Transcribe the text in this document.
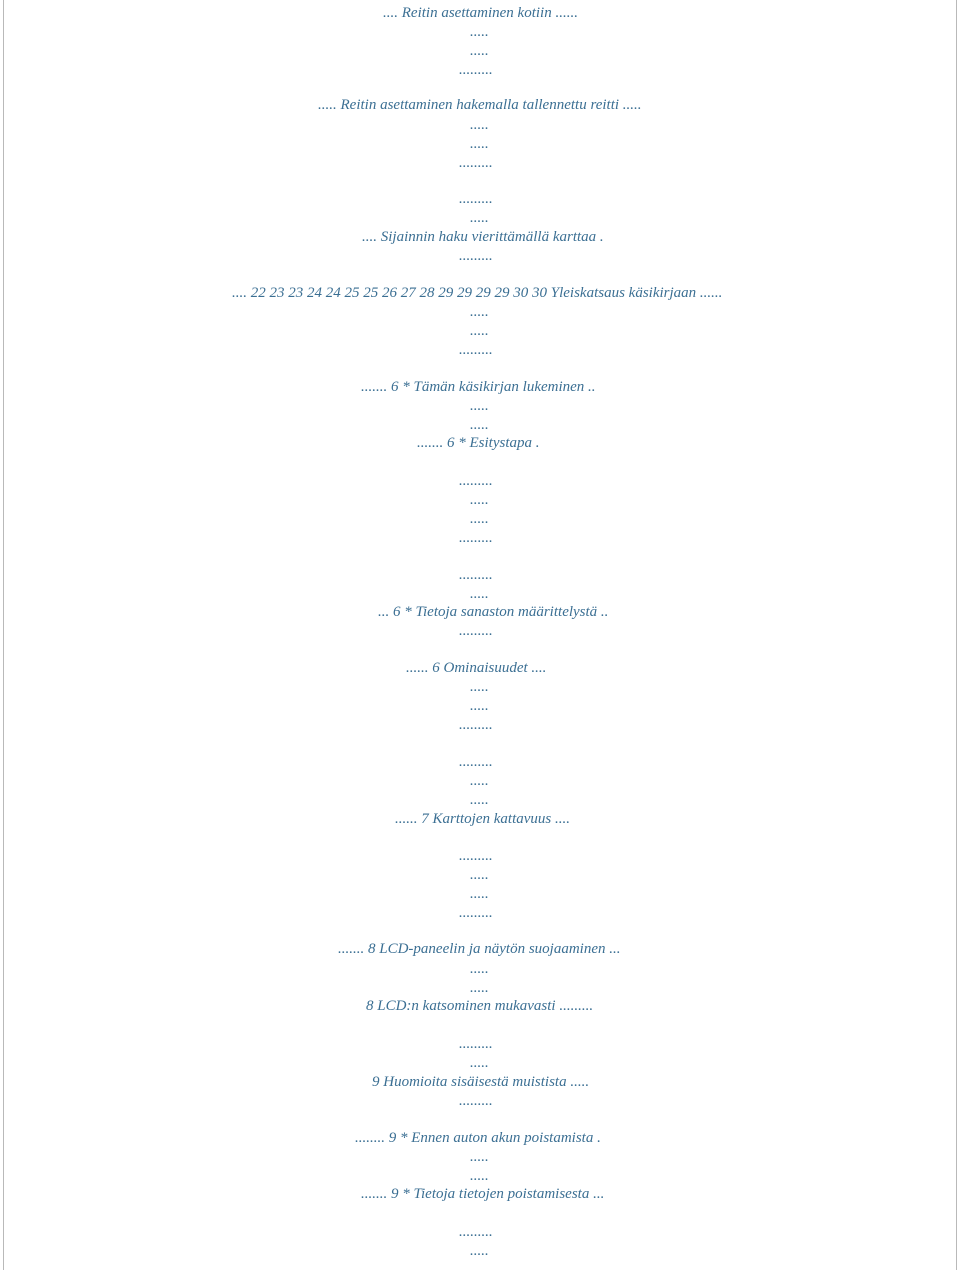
.... Reitin asettaminen kotiin ......
.....
.....
.........
..... Reitin asettaminen hakemalla tallennettu reitti .....
.....
.....
.........
.........
.....
.... Sijainnin haku vierittämällä karttaa .
.........
.... 22 23 23 24 24 25 25 26 27 28 29 29 29 29 30 30 Yleiskatsaus käsikirjaan ......
.....
.....
.........
....... 6 * Tämän käsikirjan lukeminen ..
.....
.....
....... 6 * Esitystapa .
.........
.....
.....
.........
.........
.....
... 6 * Tietoja sanaston määrittelystä ..
.........
...... 6 Ominaisuudet ....
.....
.....
.........
.........
.....
.....
...... 7 Karttojen kattavuus ....
.........
.....
.....
.........
....... 8 LCD-paneelin ja näytön suojaaminen ...
.....
.....
8 LCD:n katsominen mukavasti .........
.........
.....
9 Huomioita sisäisestä muistista .....
.........
........ 9 * Ennen auton akun poistamista .
.....
.....
....... 9 * Tietoja tietojen poistamisesta ...
.........
.....
